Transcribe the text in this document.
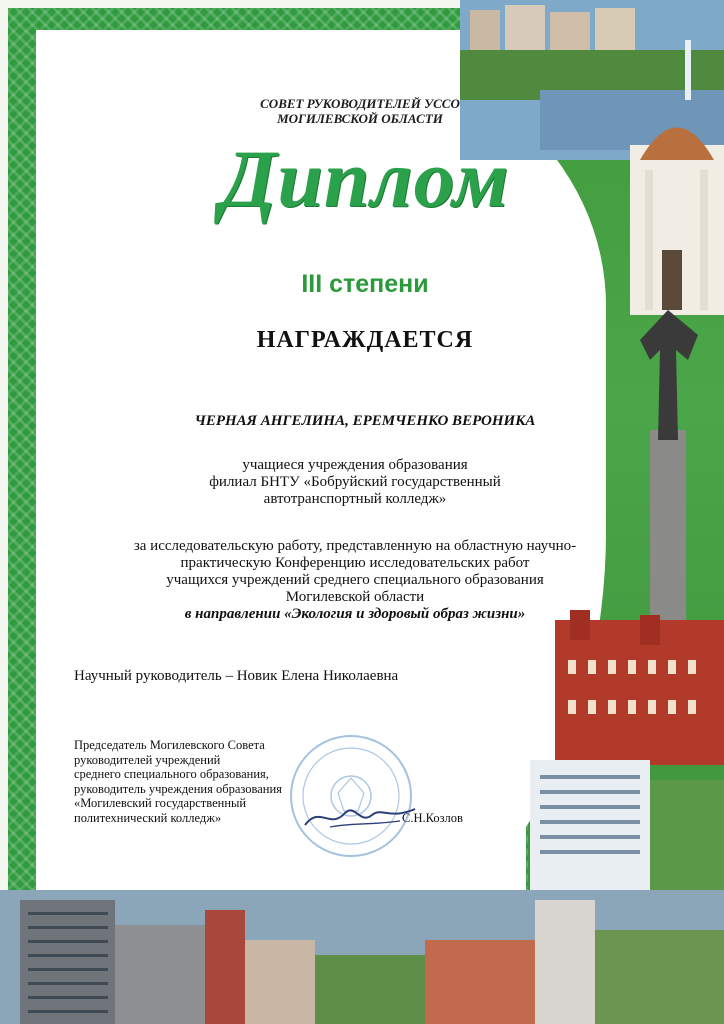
СОВЕТ РУКОВОДИТЕЛЕЙ УССО
МОГИЛЕВСКОЙ ОБЛАСТИ
Диплом
III степени
НАГРАЖДАЕТСЯ
ЧЕРНАЯ АНГЕЛИНА, ЕРЕМЧЕНКО ВЕРОНИКА
учащиеся учреждения образования
филиал БНТУ «Бобруйский государственный
автотранспортный колледж»
за исследовательскую работу, представленную на областную научно-
практическую Конференцию исследовательских работ
учащихся учреждений среднего специального образования
Могилевской области
в направлении «Экология и здоровый образ жизни»
Научный руководитель – Новик Елена Николаевна
Председатель Могилевского Совета
руководителей учреждений
среднего специального образования,
руководитель учреждения образования
«Могилевский государственный
политехнический колледж»	С.Н.Козлов
